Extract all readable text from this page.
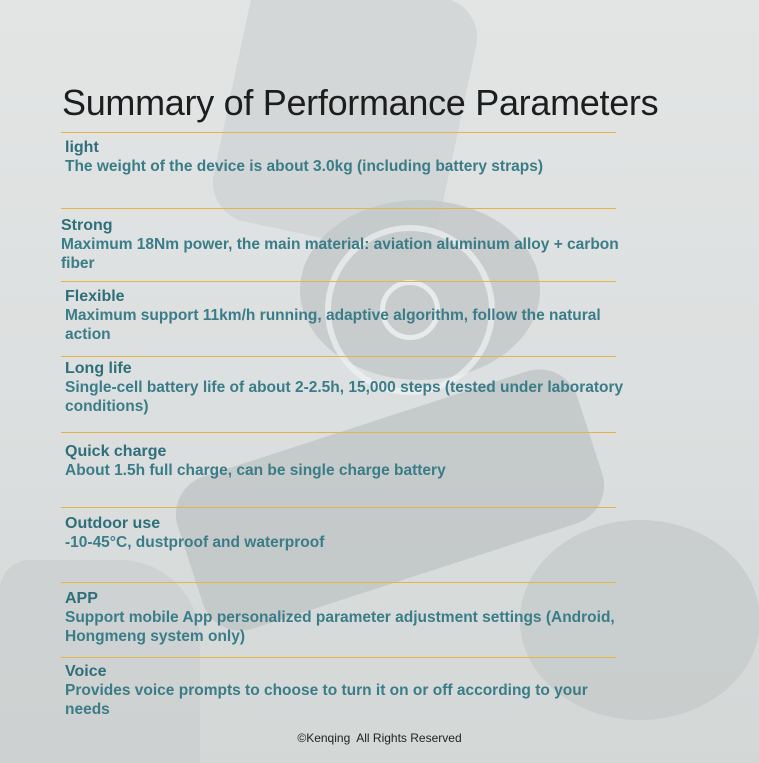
Summary of Performance Parameters
light
The weight of the device is about 3.0kg (including battery straps)
Strong
Maximum 18Nm power, the main material: aviation aluminum alloy + carbon fiber
Flexible
Maximum support 11km/h running, adaptive algorithm, follow the natural action
Long life
Single-cell battery life of about 2-2.5h, 15,000 steps (tested under laboratory conditions)
Quick charge
About 1.5h full charge, can be single charge battery
Outdoor use
-10-45°C, dustproof and waterproof
APP
Support mobile App personalized parameter adjustment settings (Android, Hongmeng system only)
Voice
Provides voice prompts to choose to turn it on or off according to your needs
©Kenqing  All Rights Reserved
